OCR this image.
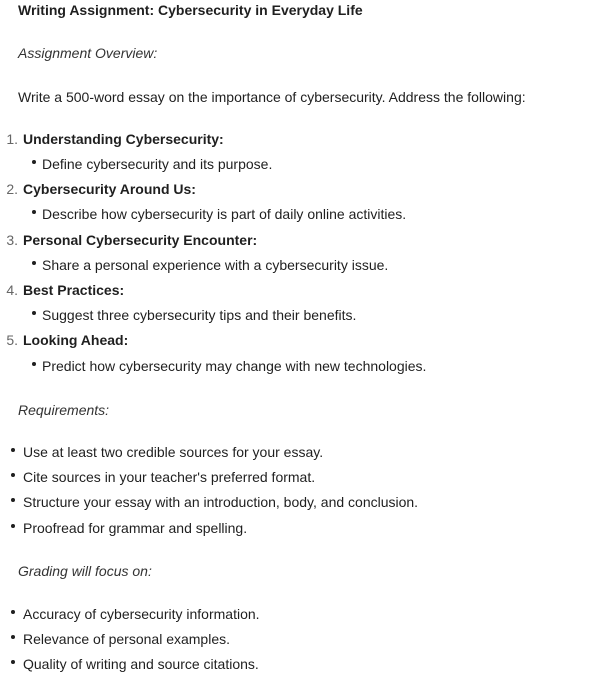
Writing Assignment: Cybersecurity in Everyday Life
Assignment Overview:
Write a 500-word essay on the importance of cybersecurity. Address the following:
1. Understanding Cybersecurity:
Define cybersecurity and its purpose.
2. Cybersecurity Around Us:
Describe how cybersecurity is part of daily online activities.
3. Personal Cybersecurity Encounter:
Share a personal experience with a cybersecurity issue.
4. Best Practices:
Suggest three cybersecurity tips and their benefits.
5. Looking Ahead:
Predict how cybersecurity may change with new technologies.
Requirements:
Use at least two credible sources for your essay.
Cite sources in your teacher's preferred format.
Structure your essay with an introduction, body, and conclusion.
Proofread for grammar and spelling.
Grading will focus on:
Accuracy of cybersecurity information.
Relevance of personal examples.
Quality of writing and source citations.
